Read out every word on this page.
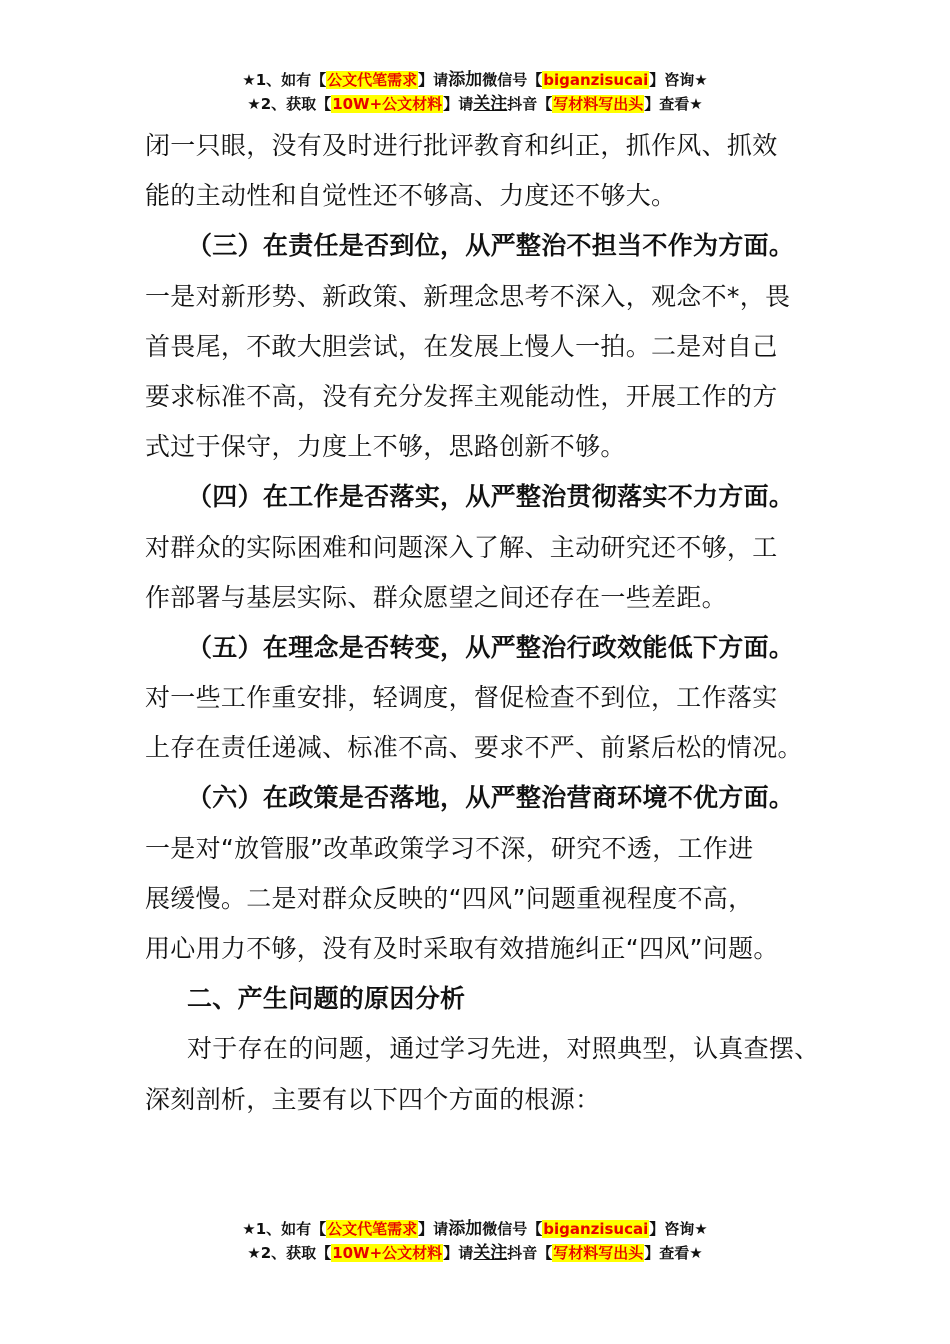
★1、如有【公文代笔需求】请添加微信号【biganzisucai】咨询★
★2、获取【10W+公文材料】请关注抖音【写材料写出头】查看★
闭一只眼，没有及时进行批评教育和纠正，抓作风、抓效
能的主动性和自觉性还不够高、力度还不够大。
（三）在责任是否到位，从严整治不担当不作为方面。
一是对新形势、新政策、新理念思考不深入，观念不*，畏
首畏尾，不敢大胆尝试，在发展上慢人一拍。二是对自己
要求标准不高，没有充分发挥主观能动性，开展工作的方
式过于保守，力度上不够，思路创新不够。
（四）在工作是否落实，从严整治贯彻落实不力方面。
对群众的实际困难和问题深入了解、主动研究还不够，工
作部署与基层实际、群众愿望之间还存在一些差距。
（五）在理念是否转变，从严整治行政效能低下方面。
对一些工作重安排，轻调度，督促检查不到位，工作落实
上存在责任递减、标准不高、要求不严、前紧后松的情况。
（六）在政策是否落地，从严整治营商环境不优方面。
一是对“放管服”改革政策学习不深，研究不透，工作进
展缓慢。二是对群众反映的“四风”问题重视程度不高，
用心用力不够，没有及时采取有效措施纠正“四风”问题。
二、产生问题的原因分析
对于存在的问题，通过学习先进，对照典型，认真查摆、
深刻剖析，主要有以下四个方面的根源：
★1、如有【公文代笔需求】请添加微信号【biganzisucai】咨询★
★2、获取【10W+公文材料】请关注抖音【写材料写出头】查看★
